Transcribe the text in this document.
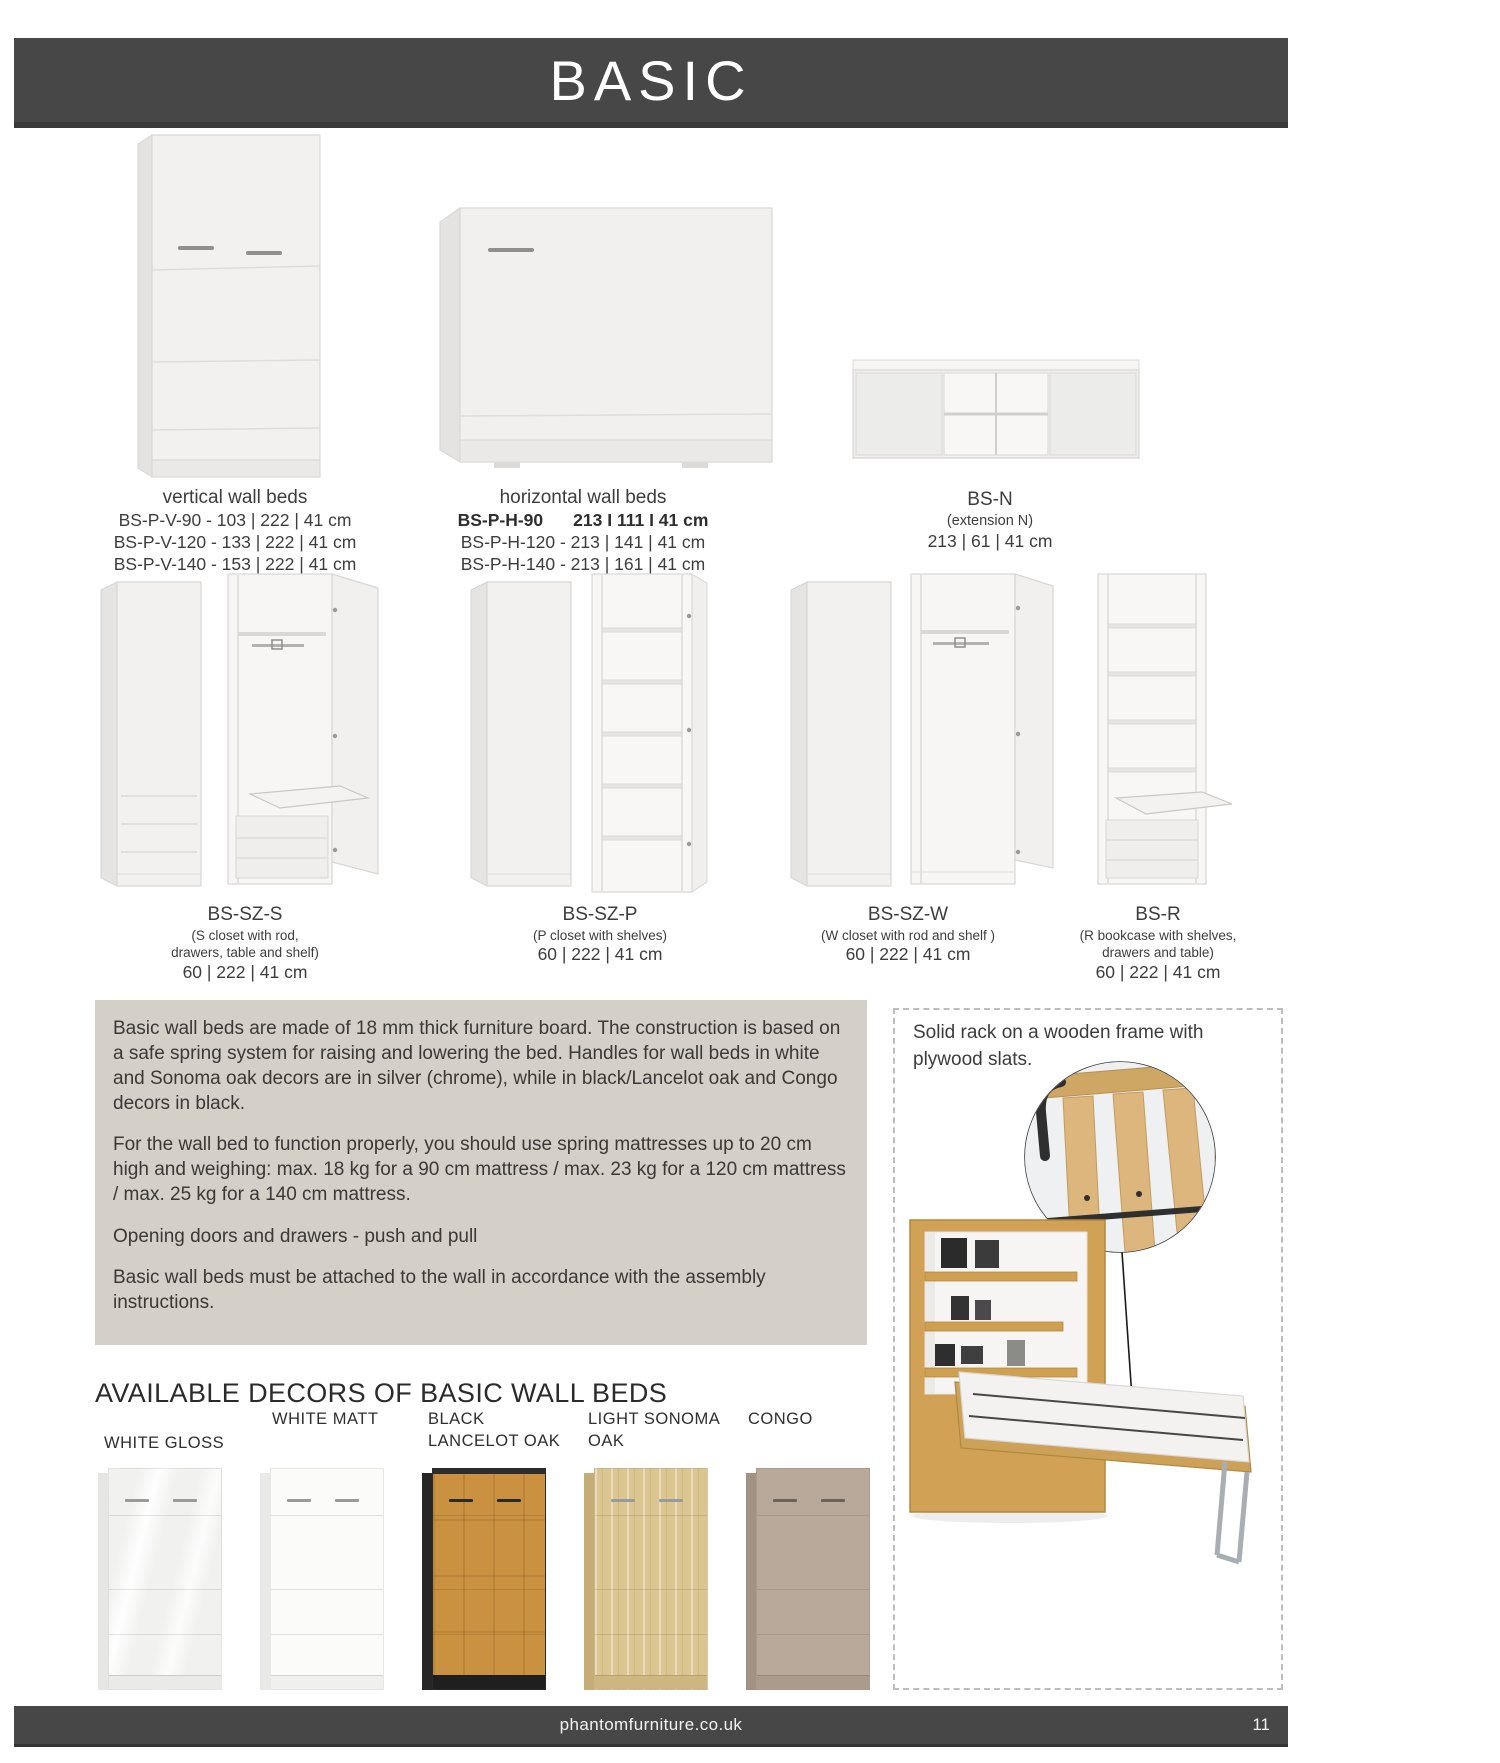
BASIC
vertical wall beds
BS-P-V-90 - 103 | 222 | 41 cm
BS-P-V-120 - 133 | 222 | 41 cm
BS-P-V-140 - 153 | 222 | 41 cm
horizontal wall beds
BS-P-H-90 213 I 111 I 41 cm
BS-P-H-120 - 213 | 141 | 41 cm
BS-P-H-140 - 213 | 161 | 41 cm
BS-N
(extension N)
213 | 61 | 41 cm
BS-SZ-S
(S closet with rod,
drawers, table and shelf)
60 | 222 | 41 cm
BS-SZ-P
(P closet with shelves)
60 | 222 | 41 cm
BS-SZ-W
(W closet with rod and shelf )
60 | 222 | 41 cm
BS-R
(R bookcase with shelves,
drawers and table)
60 | 222 | 41 cm

Basic wall beds are made of 18 mm thick furniture board. The construction is based on a safe spring system for raising and lowering the bed. Handles for wall beds in white and Sonoma oak decors are in silver (chrome), while in black/Lancelot oak and Congo decors in black.

For the wall bed to function properly, you should use spring mattresses up to 20 cm high and weighing: max. 18 kg for a 90 cm mattress / max. 23 kg for a 120 cm mattress / max. 25 kg for a 140 cm mattress.

Opening doors and drawers - push and pull

Basic wall beds must be attached to the wall in accordance with the assembly instructions.

Solid rack on a wooden frame with plywood slats.

AVAILABLE DECORS OF BASIC WALL BEDS
WHITE GLOSS
WHITE MATT	BLACK
LANCELOT OAK
LIGHT SONOMA
OAK
CONGO
phantomfurniture.co.uk	11
